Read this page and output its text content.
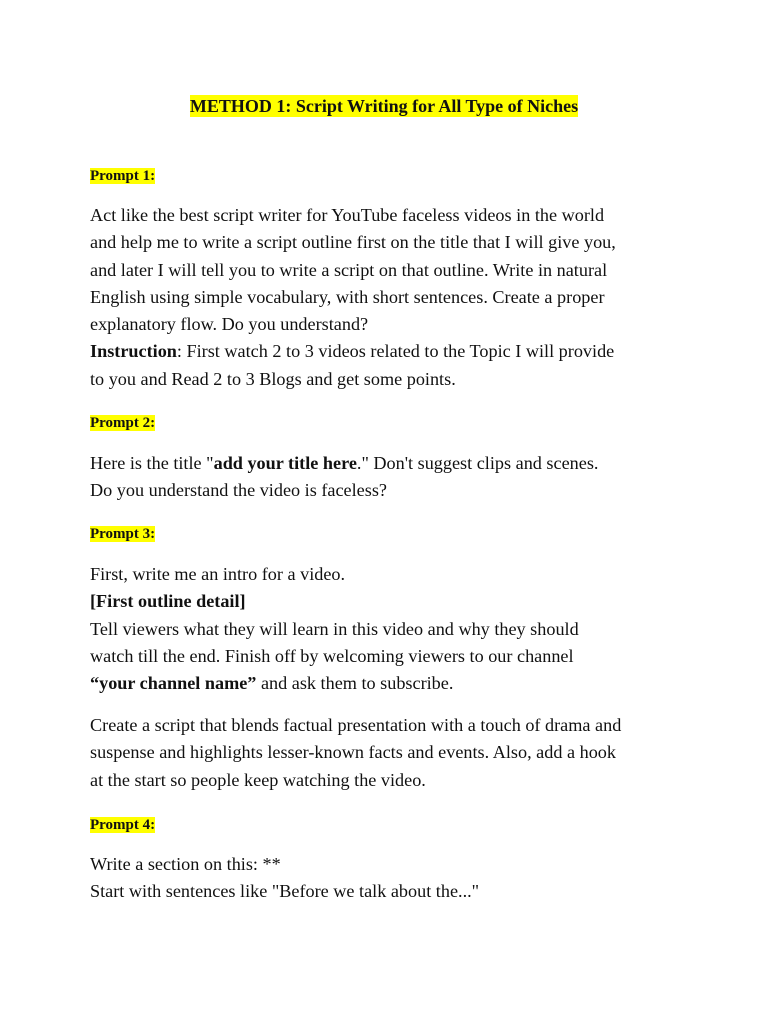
METHOD 1: Script Writing for All Type of Niches
Prompt 1:
Act like the best script writer for YouTube faceless videos in the world
and help me to write a script outline first on the title that I will give you,
and later I will tell you to write a script on that outline. Write in natural
English using simple vocabulary, with short sentences. Create a proper
explanatory flow. Do you understand?
Instruction: First watch 2 to 3 videos related to the Topic I will provide
to you and Read 2 to 3 Blogs and get some points.
Prompt 2:
Here is the title "add your title here." Don't suggest clips and scenes.
Do you understand the video is faceless?
Prompt 3:
First, write me an intro for a video.
[First outline detail]
Tell viewers what they will learn in this video and why they should
watch till the end. Finish off by welcoming viewers to our channel
“your channel name” and ask them to subscribe.
Create a script that blends factual presentation with a touch of drama and
suspense and highlights lesser-known facts and events. Also, add a hook
at the start so people keep watching the video.
Prompt 4:
Write a section on this: **
Start with sentences like "Before we talk about the..."
